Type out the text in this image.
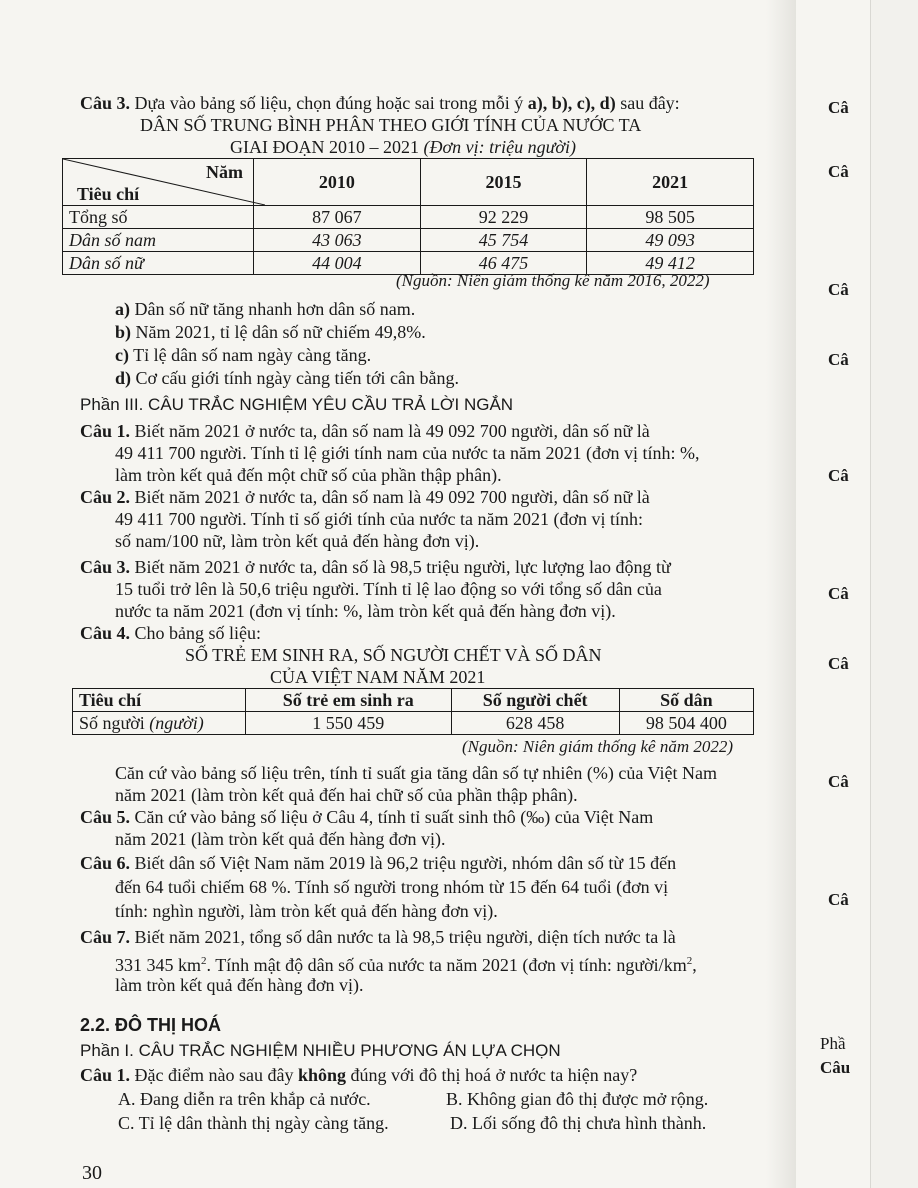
Câu 3. Dựa vào bảng số liệu, chọn đúng hoặc sai trong mỗi ý a), b), c), d) sau đây:
DÂN SỐ TRUNG BÌNH PHÂN THEO GIỚI TÍNH CỦA NƯỚC TA
GIAI ĐOẠN 2010 – 2021 (Đơn vị: triệu người)
Năm
Tiêu chí	2010	2015	2021
Tổng số	87 067	92 229	98 505
Dân số nam	43 063	45 754	49 093
Dân số nữ	44 004	46 475	49 412
(Nguồn: Niên giám thống kê năm 2016, 2022)
a) Dân số nữ tăng nhanh hơn dân số nam.
b) Năm 2021, tỉ lệ dân số nữ chiếm 49,8%.
c) Tỉ lệ dân số nam ngày càng tăng.
d) Cơ cấu giới tính ngày càng tiến tới cân bằng.
Phần III. CÂU TRẮC NGHIỆM YÊU CẦU TRẢ LỜI NGẮN
Câu 1. Biết năm 2021 ở nước ta, dân số nam là 49 092 700 người, dân số nữ là
49 411 700 người. Tính tỉ lệ giới tính nam của nước ta năm 2021 (đơn vị tính: %,
làm tròn kết quả đến một chữ số của phần thập phân).
Câu 2. Biết năm 2021 ở nước ta, dân số nam là 49 092 700 người, dân số nữ là
49 411 700 người. Tính tỉ số giới tính của nước ta năm 2021 (đơn vị tính:
số nam/100 nữ, làm tròn kết quả đến hàng đơn vị).
Câu 3. Biết năm 2021 ở nước ta, dân số là 98,5 triệu người, lực lượng lao động từ
15 tuổi trở lên là 50,6 triệu người. Tính tỉ lệ lao động so với tổng số dân của
nước ta năm 2021 (đơn vị tính: %, làm tròn kết quả đến hàng đơn vị).
Câu 4. Cho bảng số liệu:
SỐ TRẺ EM SINH RA, SỐ NGƯỜI CHẾT VÀ SỐ DÂN
CỦA VIỆT NAM NĂM 2021
Tiêu chí	Số trẻ em sinh ra	Số người chết	Số dân
Số người (người)	1 550 459	628 458	98 504 400
(Nguồn: Niên giám thống kê năm 2022)
Căn cứ vào bảng số liệu trên, tính tỉ suất gia tăng dân số tự nhiên (%) của Việt Nam
năm 2021 (làm tròn kết quả đến hai chữ số của phần thập phân).
Câu 5. Căn cứ vào bảng số liệu ở Câu 4, tính tỉ suất sinh thô (‰) của Việt Nam
năm 2021 (làm tròn kết quả đến hàng đơn vị).
Câu 6. Biết dân số Việt Nam năm 2019 là 96,2 triệu người, nhóm dân số từ 15 đến
đến 64 tuổi chiếm 68 %. Tính số người trong nhóm từ 15 đến 64 tuổi (đơn vị
tính: nghìn người, làm tròn kết quả đến hàng đơn vị).
Câu 7. Biết năm 2021, tổng số dân nước ta là 98,5 triệu người, diện tích nước ta là
331 345 $km^2$. Tính mật độ dân số của nước ta năm 2021 (đơn vị tính: người/$km^2$,
làm tròn kết quả đến hàng đơn vị).
2.2. ĐÔ THỊ HOÁ
Phần I. CÂU TRẮC NGHIỆM NHIỀU PHƯƠNG ÁN LỰA CHỌN
Câu 1. Đặc điểm nào sau đây không đúng với đô thị hoá ở nước ta hiện nay?
A. Đang diễn ra trên khắp cả nước.	B. Không gian đô thị được mở rộng.
C. Tỉ lệ dân thành thị ngày càng tăng.	D. Lối sống đô thị chưa hình thành.
30
Câ
Câ
Câ
Câ
Câ
Câ
Câ
Câ
Câ
Phầ
Câu
